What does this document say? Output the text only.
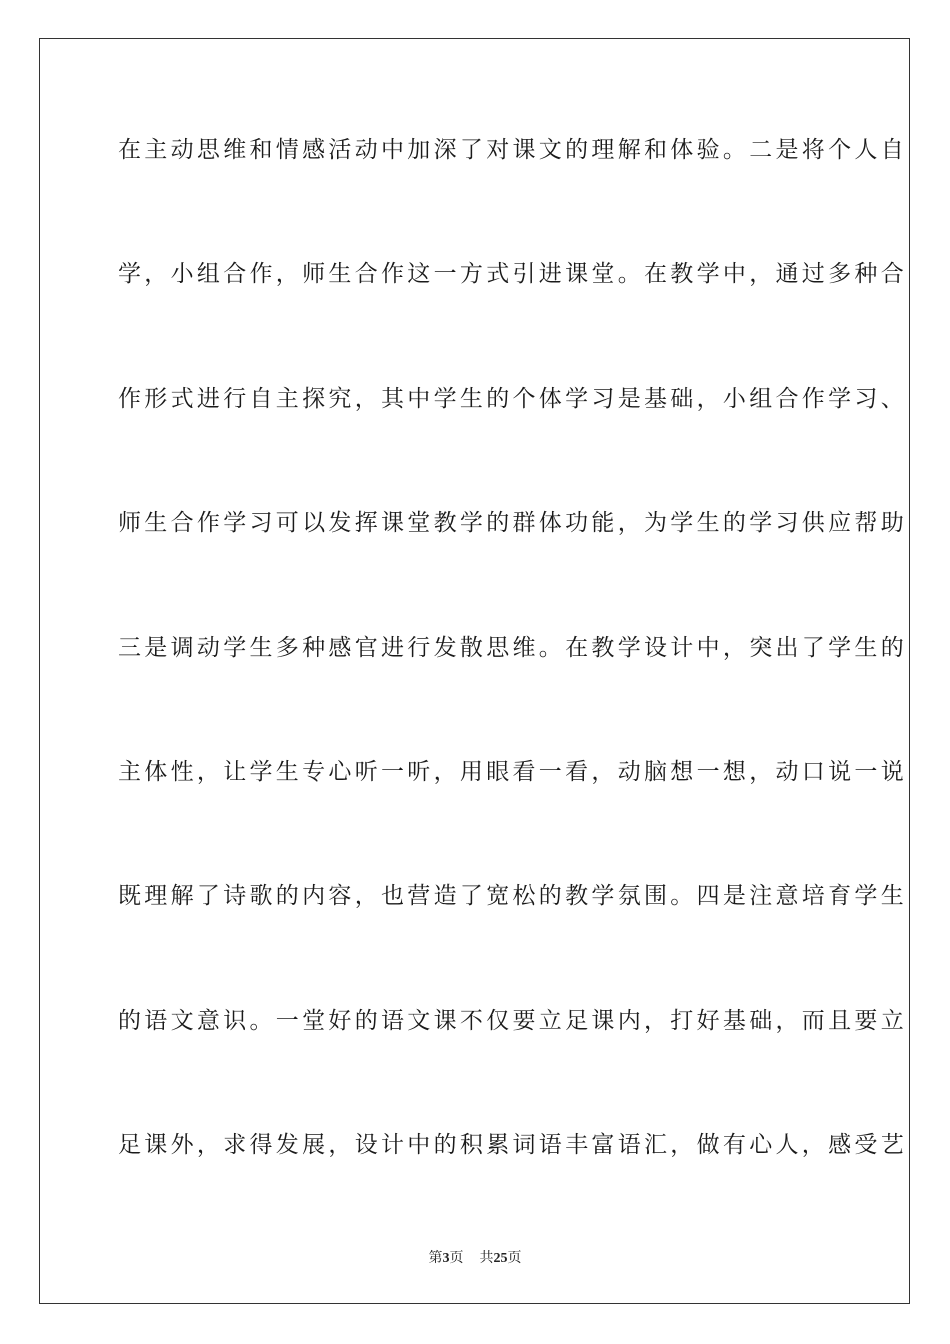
在主动思维和情感活动中加深了对课文的理解和体验。二是将个人自
学，小组合作，师生合作这一方式引进课堂。在教学中，通过多种合
作形式进行自主探究，其中学生的个体学习是基础，小组合作学习、
师生合作学习可以发挥课堂教学的群体功能，为学生的学习供应帮助
三是调动学生多种感官进行发散思维。在教学设计中，突出了学生的
主体性，让学生专心听一听，用眼看一看，动脑想一想，动口说一说
既理解了诗歌的内容，也营造了宽松的教学氛围。四是注意培育学生
的语文意识。一堂好的语文课不仅要立足课内，打好基础，而且要立
足课外，求得发展，设计中的积累词语丰富语汇，做有心人，感受艺
第3页 共25页
